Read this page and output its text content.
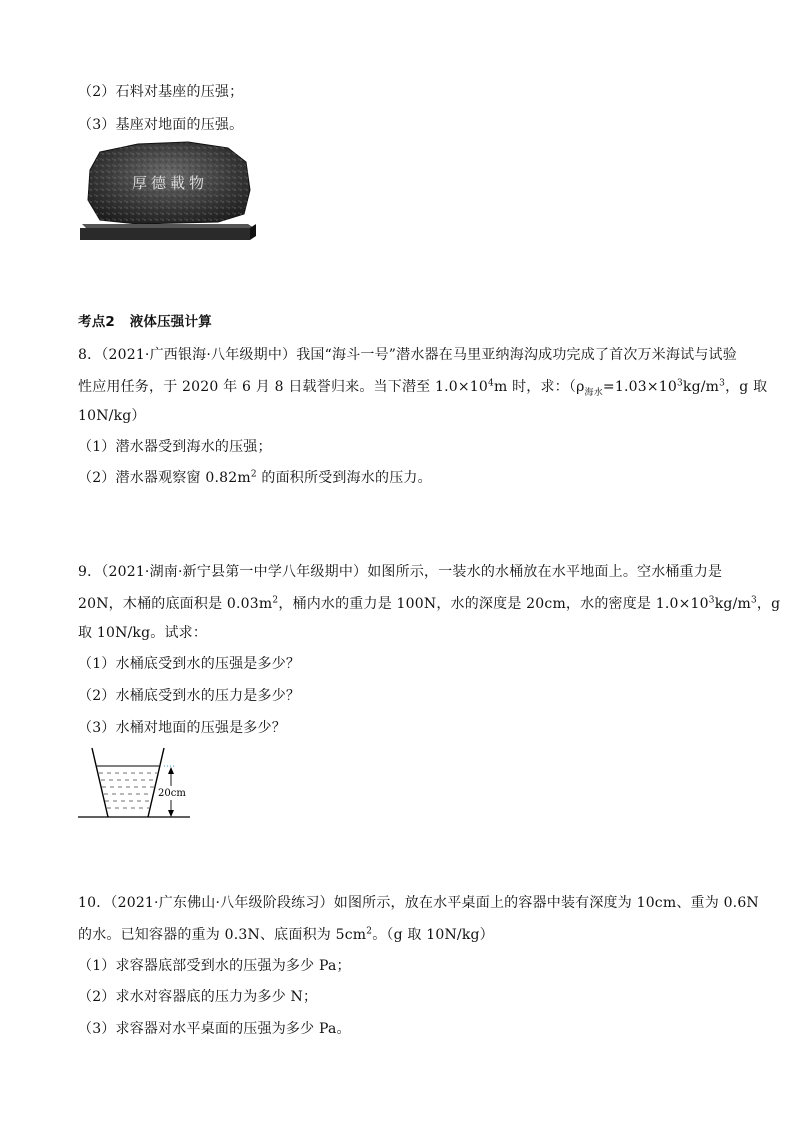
（2）石料对基座的压强；
（3）基座对地面的压强。
厚德載物
考点2 液体压强计算
8．（2021·广西银海·八年级期中）我国“海斗一号”潜水器在马里亚纳海沟成功完成了首次万米海试与试验
性应用任务，于 2020 年 6 月 8 日载誉归来。当下潜至 $1.0\times 10^4m$ 时，求：（$\rho_{海水}=1.03\times 10^3kg/m^3$，g 取
10N/kg）
（1）潜水器受到海水的压强；
（2）潜水器观察窗 $0.82m^2$ 的面积所受到海水的压力。
9．（2021·湖南·新宁县第一中学八年级期中）如图所示，一装水的水桶放在水平地面上。空水桶重力是
20N，木桶的底面积是 $0.03m^2$，桶内水的重力是 100N，水的深度是 20cm，水的密度是 $1.0\times 10^3kg/m^3$，g
取 10N/kg。试求：
（1）水桶底受到水的压强是多少？
（2）水桶底受到水的压力是多少？
（3）水桶对地面的压强是多少？
20cm
10．（2021·广东佛山·八年级阶段练习）如图所示，放在水平桌面上的容器中装有深度为 10cm、重为 0.6N
的水。已知容器的重为 0.3N、底面积为 $5cm^2$。（g 取 10N/kg）
（1）求容器底部受到水的压强为多少 Pa；
（2）求水对容器底的压力为多少 N；
（3）求容器对水平桌面的压强为多少 Pa。
